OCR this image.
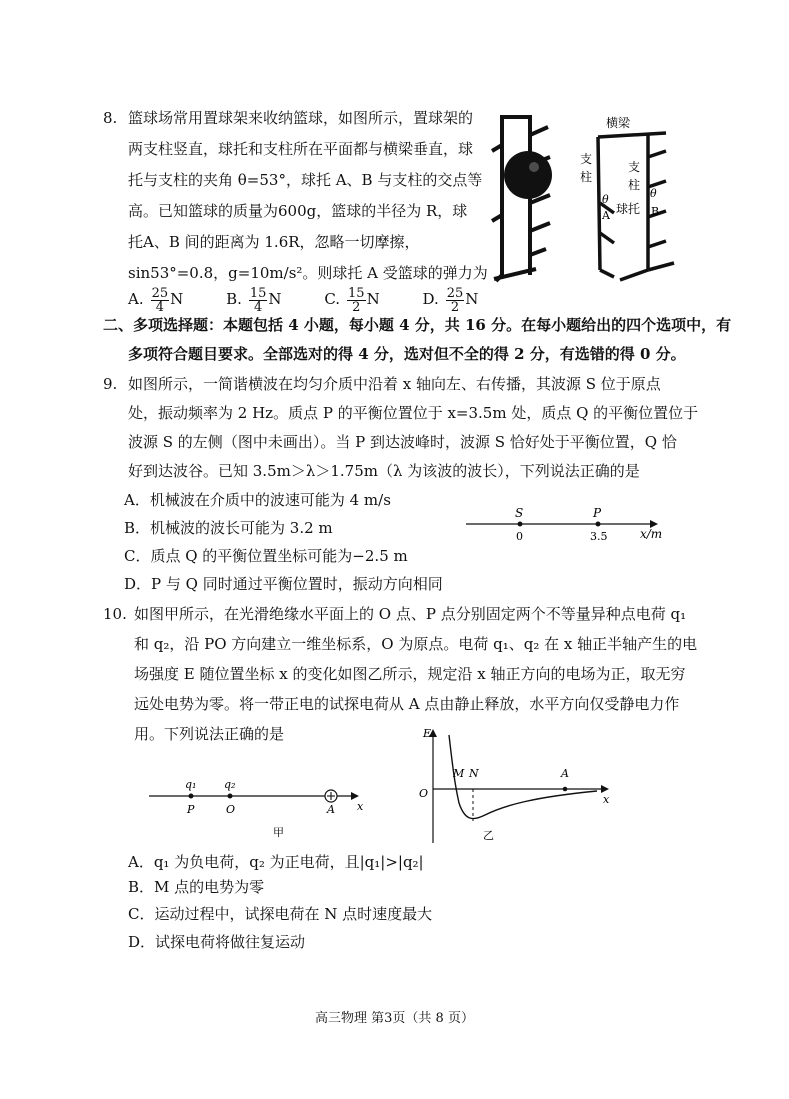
8. 篮球场常用置球架来收纳篮球，如图所示，置球架的
两支柱竖直，球托和支柱所在平面都与横梁垂直，球
托与支柱的夹角 θ=53°，球托 A、B 与支柱的交点等
高。已知篮球的质量为600g，篮球的半径为 R，球
托A、B 间的距离为 1.6R，忽略一切摩擦，
sin53°=0.8，g=10m/s²。则球托 A 受篮球的弹力为
A. $\frac{25}{4}$ N	B. $\frac{15}{4}$ N	C. $\frac{15}{2}$ N	D. $\frac{25}{2}$ N
横梁
支
柱
支
柱
θ	θ
A	B
球托
二、多项选择题：本题包括 4 小题，每小题 4 分，共 16 分。在每小题给出的四个选项中，有
多项符合题目要求。全部选对的得 4 分，选对但不全的得 2 分，有选错的得 0 分。
9. 如图所示，一简谐横波在均匀介质中沿着 x 轴向左、右传播，其波源 S 位于原点
处，振动频率为 2 Hz。质点 P 的平衡位置位于 x=3.5m 处，质点 Q 的平衡位置位于
波源 S 的左侧（图中未画出）。当 P 到达波峰时，波源 S 恰好处于平衡位置，Q 恰
好到达波谷。已知 3.5m＞λ＞1.75m（λ 为该波的波长），下列说法正确的是
A．机械波在介质中的波速可能为 4 m/s
B．机械波的波长可能为 3.2 m
C．质点 Q 的平衡位置坐标可能为−2.5 m
D．P 与 Q 同时通过平衡位置时，振动方向相同
S	P
0	3.5	x/m
10. 如图甲所示，在光滑绝缘水平面上的 O 点、P 点分别固定两个不等量异种点电荷 q₁
和 q₂，沿 PO 方向建立一维坐标系，O 为原点。电荷 q₁、q₂ 在 x 轴正半轴产生的电
场强度 E 随位置坐标 x 的变化如图乙所示，规定沿 x 轴正方向的电场为正，取无穷
远处电势为零。将一带正电的试探电荷从 A 点由静止释放，水平方向仅受静电力作
用。下列说法正确的是
q₁	q₂
P	O	A x
甲
E
O
M N	A
x
乙
A．q₁ 为负电荷，q₂ 为正电荷，且|q₁|>|q₂|
B．M 点的电势为零
C．运动过程中，试探电荷在 N 点时速度最大
D．试探电荷将做往复运动
高三物理 第3页（共 8 页）
